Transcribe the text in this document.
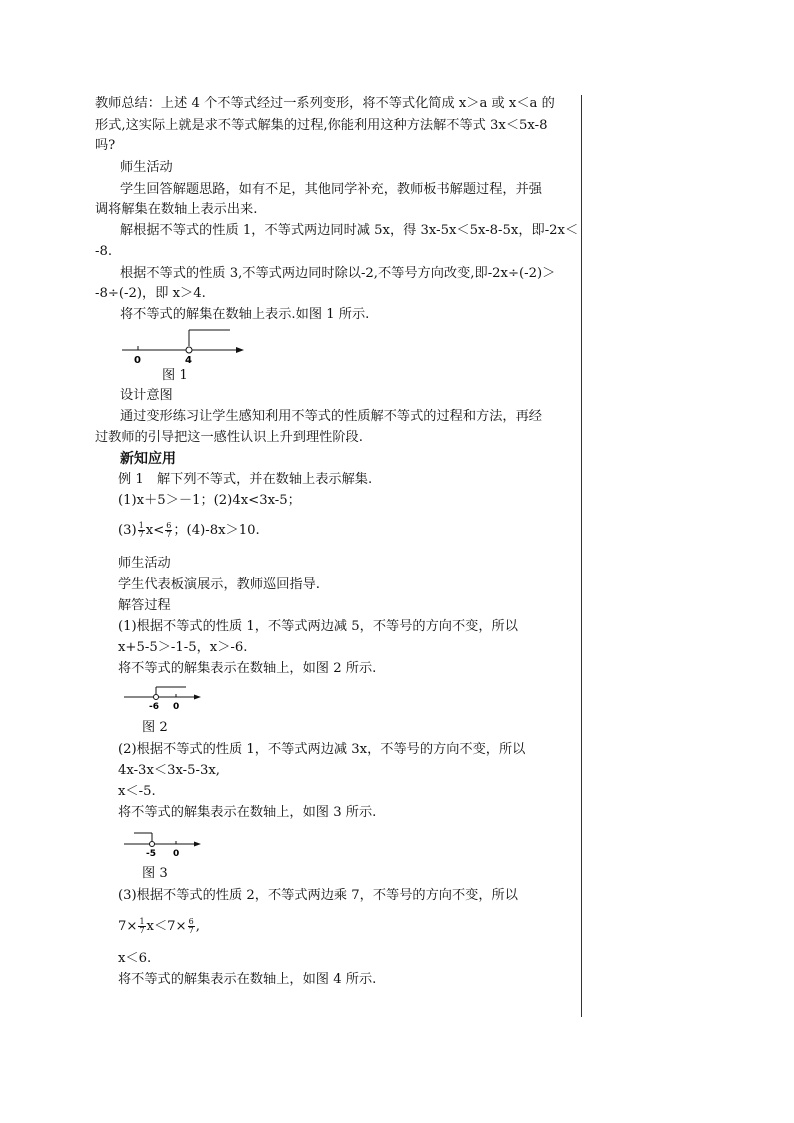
教师总结：上述 4 个不等式经过一系列变形，将不等式化简成 x＞a 或 x＜a 的
形式,这实际上就是求不等式解集的过程,你能利用这种方法解不等式 3x＜5x-8
吗?
师生活动
学生回答解题思路，如有不足，其他同学补充，教师板书解题过程，并强
调将解集在数轴上表示出来.
解根据不等式的性质 1，不等式两边同时减 5x，得 3x-5x＜5x-8-5x，即-2x＜
-8.
根据不等式的性质 3,不等式两边同时除以-2,不等号方向改变,即-2x÷(-2)＞
-8÷(-2)，即 x＞4.
将不等式的解集在数轴上表示.如图 1 所示.
0	4
图 1
设计意图
通过变形练习让学生感知利用不等式的性质解不等式的过程和方法，再经
过教师的引导把这一感性认识上升到理性阶段.
新知应用
例 1　解下列不等式，并在数轴上表示解集.
(1)x＋5＞－1；(2)4x<3x-5；
$(3) \frac{1}{7} x< \frac{6}{7}$ ；(4)-8x＞10.
师生活动
学生代表板演展示，教师巡回指导.
解答过程
(1)根据不等式的性质 1，不等式两边减 5，不等号的方向不变，所以
x+5-5＞-1-5，x＞-6.
将不等式的解集表示在数轴上，如图 2 所示.
-6 0
图 2
(2)根据不等式的性质 1，不等式两边减 3x，不等号的方向不变，所以
4x-3x＜3x-5-3x,
x＜-5.
将不等式的解集表示在数轴上，如图 3 所示.
-5 0
图 3
(3)根据不等式的性质 2，不等式两边乘 7，不等号的方向不变，所以
$7\times \frac{1}{7} x<7\times \frac{6}{7}$ ,
x＜6.
将不等式的解集表示在数轴上，如图 4 所示.
